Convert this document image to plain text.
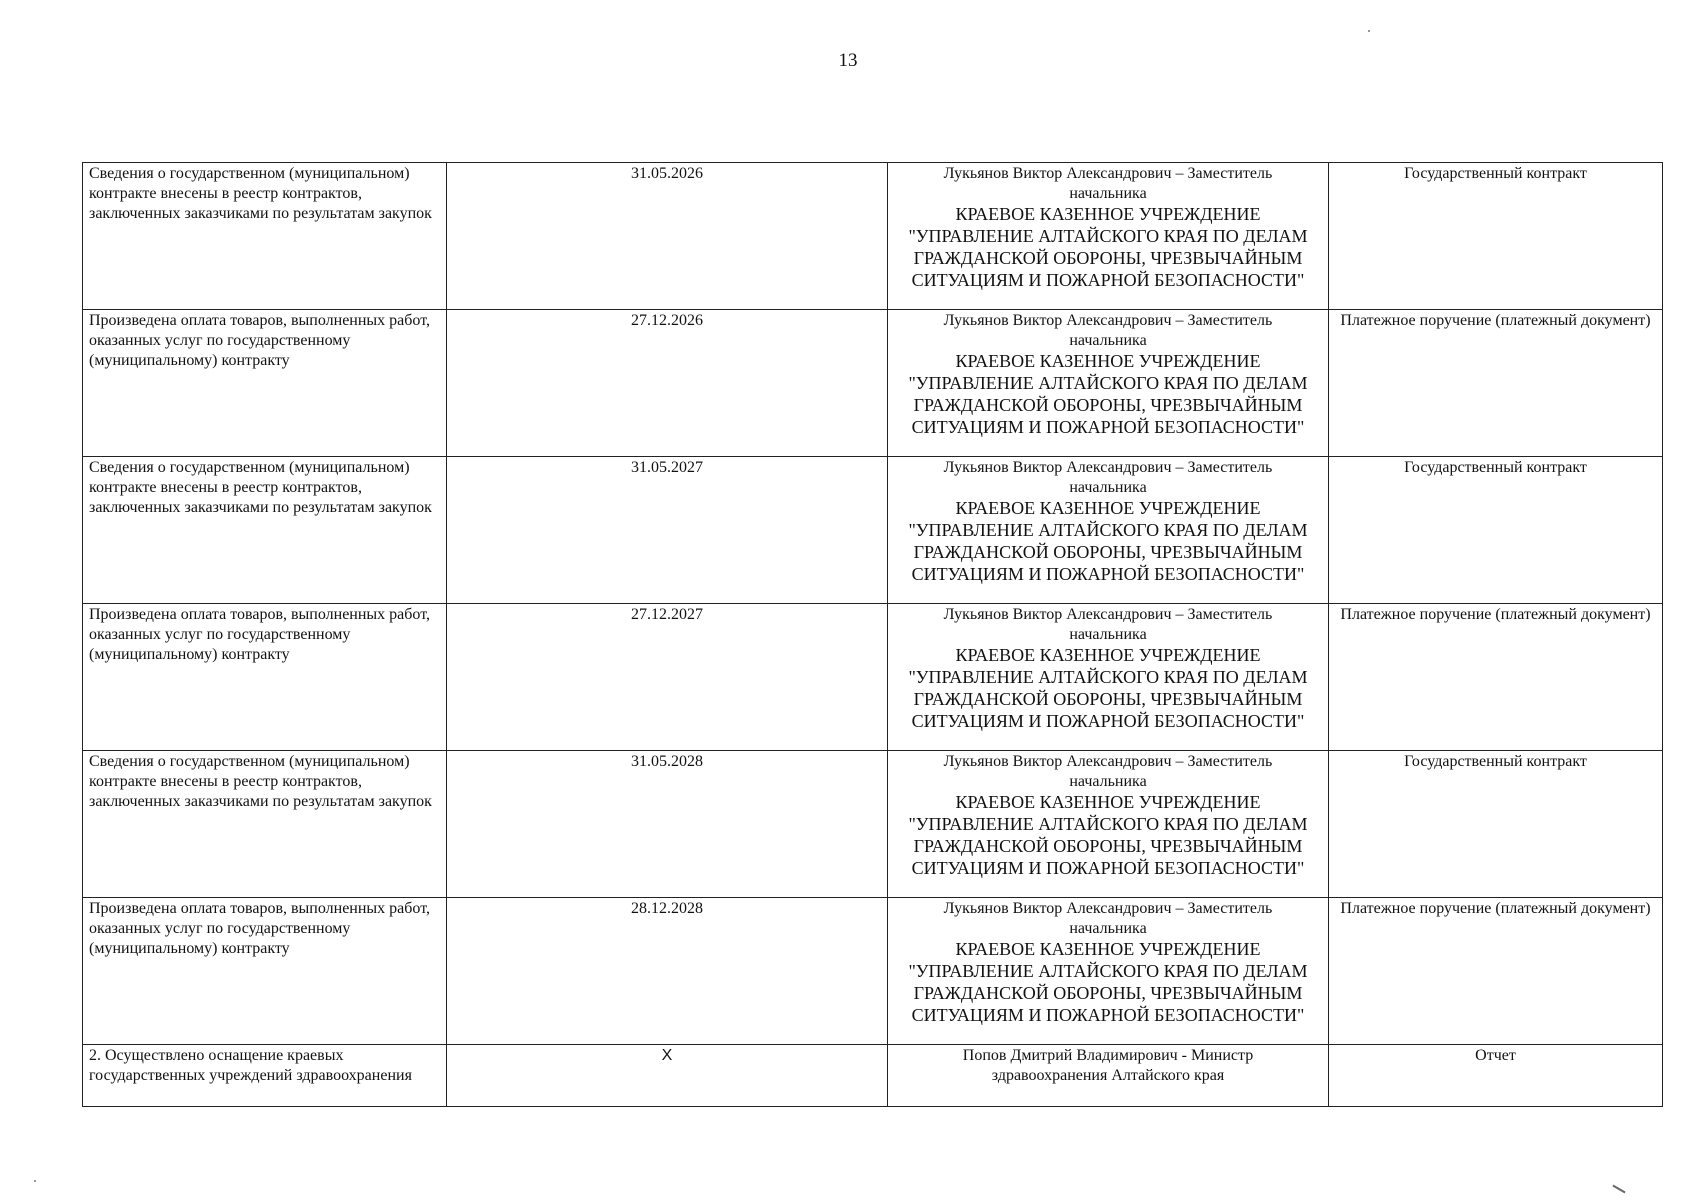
13
Сведения о государственном (муниципальном) контракте внесены в реестр контрактов, заключенных заказчиками по результатам закупок	31.05.2026	Лукьянов Виктор Александрович – Заместитель начальника
КРАЕВОЕ КАЗЕННОЕ УЧРЕЖДЕНИЕ "УПРАВЛЕНИЕ АЛТАЙСКОГО КРАЯ ПО ДЕЛАМ ГРАЖДАНСКОЙ ОБОРОНЫ, ЧРЕЗВЫЧАЙНЫМ СИТУАЦИЯМ И ПОЖАРНОЙ БЕЗОПАСНОСТИ"	Государственный контракт
Произведена оплата товаров, выполненных работ, оказанных услуг по государственному (муниципальному) контракту	27.12.2026	Лукьянов Виктор Александрович – Заместитель начальника
КРАЕВОЕ КАЗЕННОЕ УЧРЕЖДЕНИЕ "УПРАВЛЕНИЕ АЛТАЙСКОГО КРАЯ ПО ДЕЛАМ ГРАЖДАНСКОЙ ОБОРОНЫ, ЧРЕЗВЫЧАЙНЫМ СИТУАЦИЯМ И ПОЖАРНОЙ БЕЗОПАСНОСТИ"	Платежное поручение (платежный документ)
Сведения о государственном (муниципальном) контракте внесены в реестр контрактов, заключенных заказчиками по результатам закупок	31.05.2027	Лукьянов Виктор Александрович – Заместитель начальника
КРАЕВОЕ КАЗЕННОЕ УЧРЕЖДЕНИЕ "УПРАВЛЕНИЕ АЛТАЙСКОГО КРАЯ ПО ДЕЛАМ ГРАЖДАНСКОЙ ОБОРОНЫ, ЧРЕЗВЫЧАЙНЫМ СИТУАЦИЯМ И ПОЖАРНОЙ БЕЗОПАСНОСТИ"	Государственный контракт
Произведена оплата товаров, выполненных работ, оказанных услуг по государственному (муниципальному) контракту	27.12.2027	Лукьянов Виктор Александрович – Заместитель начальника
КРАЕВОЕ КАЗЕННОЕ УЧРЕЖДЕНИЕ "УПРАВЛЕНИЕ АЛТАЙСКОГО КРАЯ ПО ДЕЛАМ ГРАЖДАНСКОЙ ОБОРОНЫ, ЧРЕЗВЫЧАЙНЫМ СИТУАЦИЯМ И ПОЖАРНОЙ БЕЗОПАСНОСТИ"	Платежное поручение (платежный документ)
Сведения о государственном (муниципальном) контракте внесены в реестр контрактов, заключенных заказчиками по результатам закупок	31.05.2028	Лукьянов Виктор Александрович – Заместитель начальника
КРАЕВОЕ КАЗЕННОЕ УЧРЕЖДЕНИЕ "УПРАВЛЕНИЕ АЛТАЙСКОГО КРАЯ ПО ДЕЛАМ ГРАЖДАНСКОЙ ОБОРОНЫ, ЧРЕЗВЫЧАЙНЫМ СИТУАЦИЯМ И ПОЖАРНОЙ БЕЗОПАСНОСТИ"	Государственный контракт
Произведена оплата товаров, выполненных работ, оказанных услуг по государственному (муниципальному) контракту	28.12.2028	Лукьянов Виктор Александрович – Заместитель начальника
КРАЕВОЕ КАЗЕННОЕ УЧРЕЖДЕНИЕ "УПРАВЛЕНИЕ АЛТАЙСКОГО КРАЯ ПО ДЕЛАМ ГРАЖДАНСКОЙ ОБОРОНЫ, ЧРЕЗВЫЧАЙНЫМ СИТУАЦИЯМ И ПОЖАРНОЙ БЕЗОПАСНОСТИ"	Платежное поручение (платежный документ)
2. Осуществлено оснащение краевых государственных учреждений здравоохранения	Х	Попов Дмитрий Владимирович - Министр здравоохранения Алтайского края	Отчет
